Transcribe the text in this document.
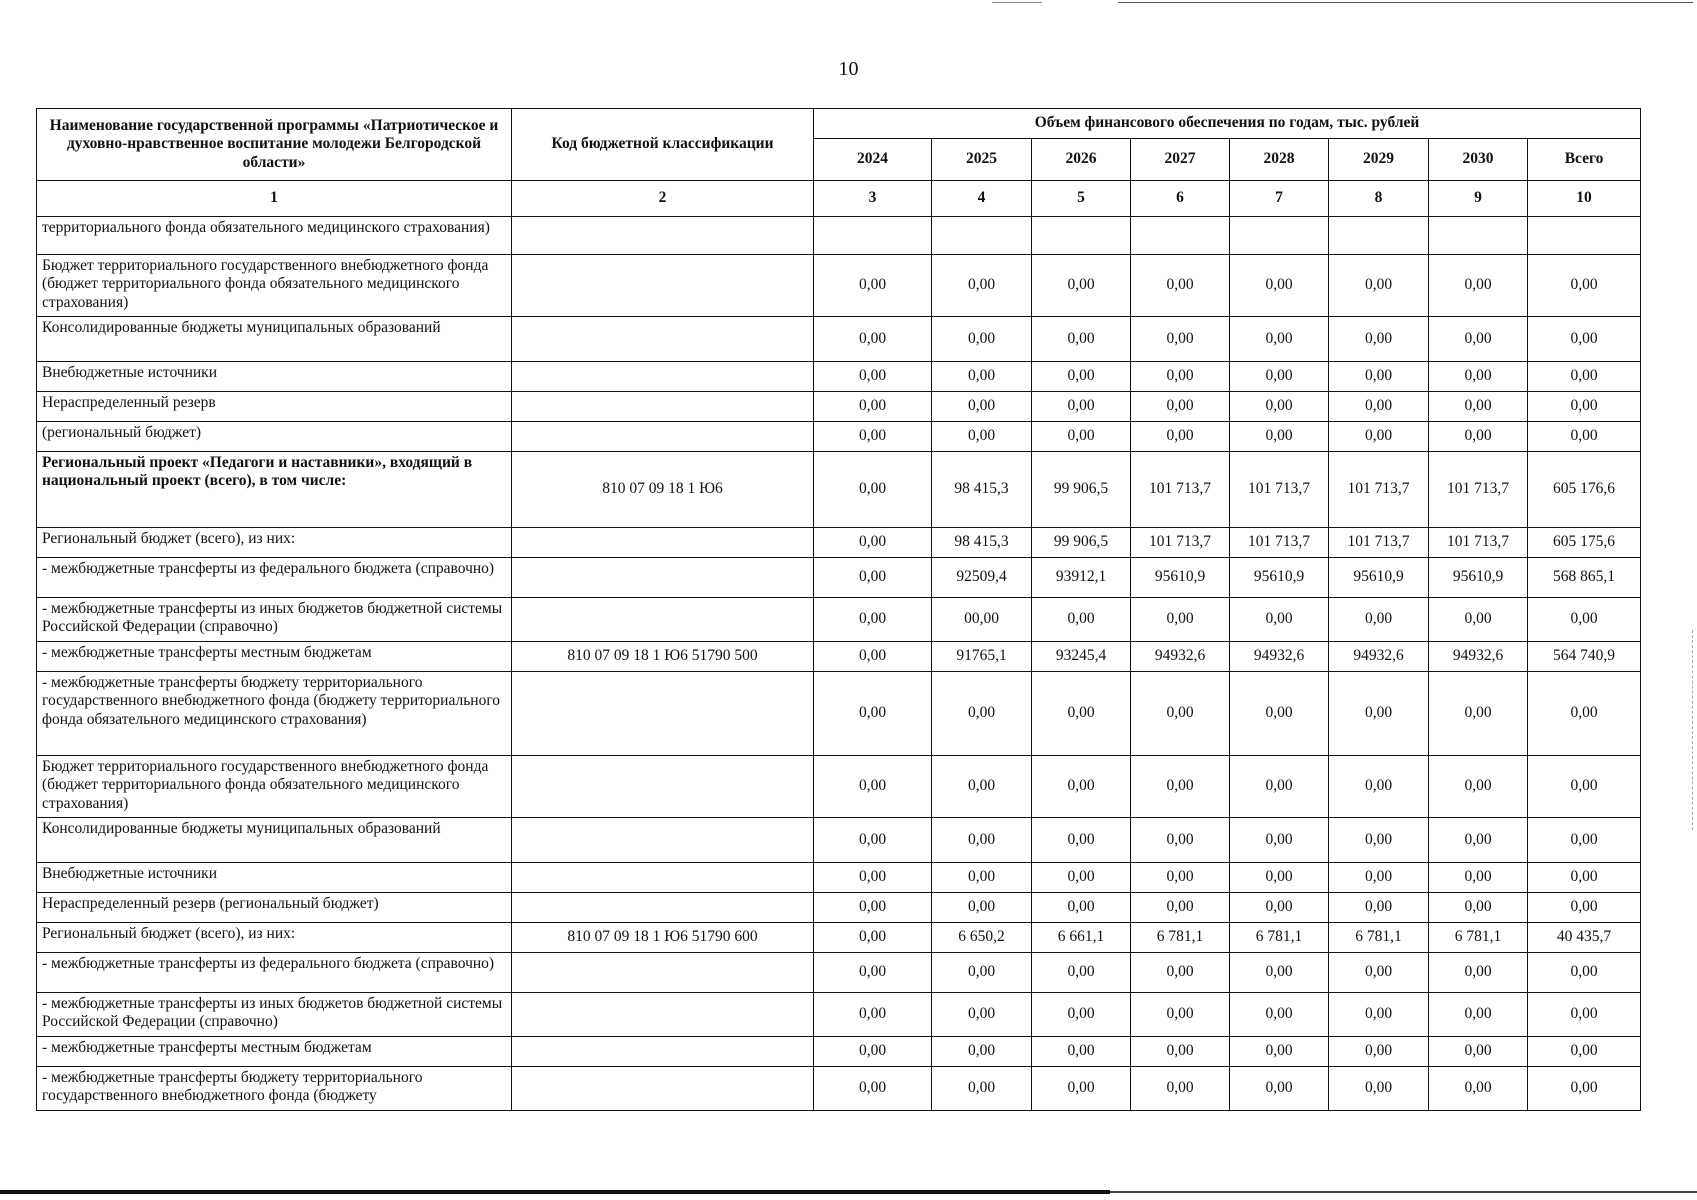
10
Наименование государственной программы «Патриотическое и духовно-нравственное воспитание молодежи Белгородской области»	Код бюджетной классификации	Объем финансового обеспечения по годам, тыс. рублей							
		2024	2025	2026	2027	2028	2029	2030	Всего
1	2	3	4	5	6	7	8	9	10
территориального фонда обязательного медицинского страхования)									
Бюджет территориального государственного внебюджетного фонда (бюджет территориального фонда обязательного медицинского страхования)		0,00	0,00	0,00	0,00	0,00	0,00	0,00	0,00
Консолидированные бюджеты муниципальных образований		0,00	0,00	0,00	0,00	0,00	0,00	0,00	0,00
Внебюджетные источники		0,00	0,00	0,00	0,00	0,00	0,00	0,00	0,00
Нераспределенный резерв		0,00	0,00	0,00	0,00	0,00	0,00	0,00	0,00
(региональный бюджет)		0,00	0,00	0,00	0,00	0,00	0,00	0,00	0,00
Региональный проект «Педагоги и наставники», входящий в национальный проект (всего), в том числе:	810 07 09 18 1 Ю6	0,00	98 415,3	99 906,5	101 713,7	101 713,7	101 713,7	101 713,7	605 176,6
Региональный бюджет (всего), из них:		0,00	98 415,3	99 906,5	101 713,7	101 713,7	101 713,7	101 713,7	605 175,6
- межбюджетные трансферты из федерального бюджета (справочно)		0,00	92509,4	93912,1	95610,9	95610,9	95610,9	95610,9	568 865,1
- межбюджетные трансферты из иных бюджетов бюджетной системы Российской Федерации (справочно)		0,00	00,00	0,00	0,00	0,00	0,00	0,00	0,00
- межбюджетные трансферты местным бюджетам	810 07 09 18 1 Ю6 51790 500	0,00	91765,1	93245,4	94932,6	94932,6	94932,6	94932,6	564 740,9
- межбюджетные трансферты бюджету территориального государственного внебюджетного фонда (бюджету территориального фонда обязательного медицинского страхования)		0,00	0,00	0,00	0,00	0,00	0,00	0,00	0,00
Бюджет территориального государственного внебюджетного фонда (бюджет территориального фонда обязательного медицинского страхования)		0,00	0,00	0,00	0,00	0,00	0,00	0,00	0,00
Консолидированные бюджеты муниципальных образований		0,00	0,00	0,00	0,00	0,00	0,00	0,00	0,00
Внебюджетные источники		0,00	0,00	0,00	0,00	0,00	0,00	0,00	0,00
Нераспределенный резерв (региональный бюджет)		0,00	0,00	0,00	0,00	0,00	0,00	0,00	0,00
Региональный бюджет (всего), из них:	810 07 09 18 1 Ю6 51790 600	0,00	6 650,2	6 661,1	6 781,1	6 781,1	6 781,1	6 781,1	40 435,7
- межбюджетные трансферты из федерального бюджета (справочно)		0,00	0,00	0,00	0,00	0,00	0,00	0,00	0,00
- межбюджетные трансферты из иных бюджетов бюджетной системы Российской Федерации (справочно)		0,00	0,00	0,00	0,00	0,00	0,00	0,00	0,00
- межбюджетные трансферты местным бюджетам		0,00	0,00	0,00	0,00	0,00	0,00	0,00	0,00
- межбюджетные трансферты бюджету территориального государственного внебюджетного фонда (бюджету		0,00	0,00	0,00	0,00	0,00	0,00	0,00	0,00
